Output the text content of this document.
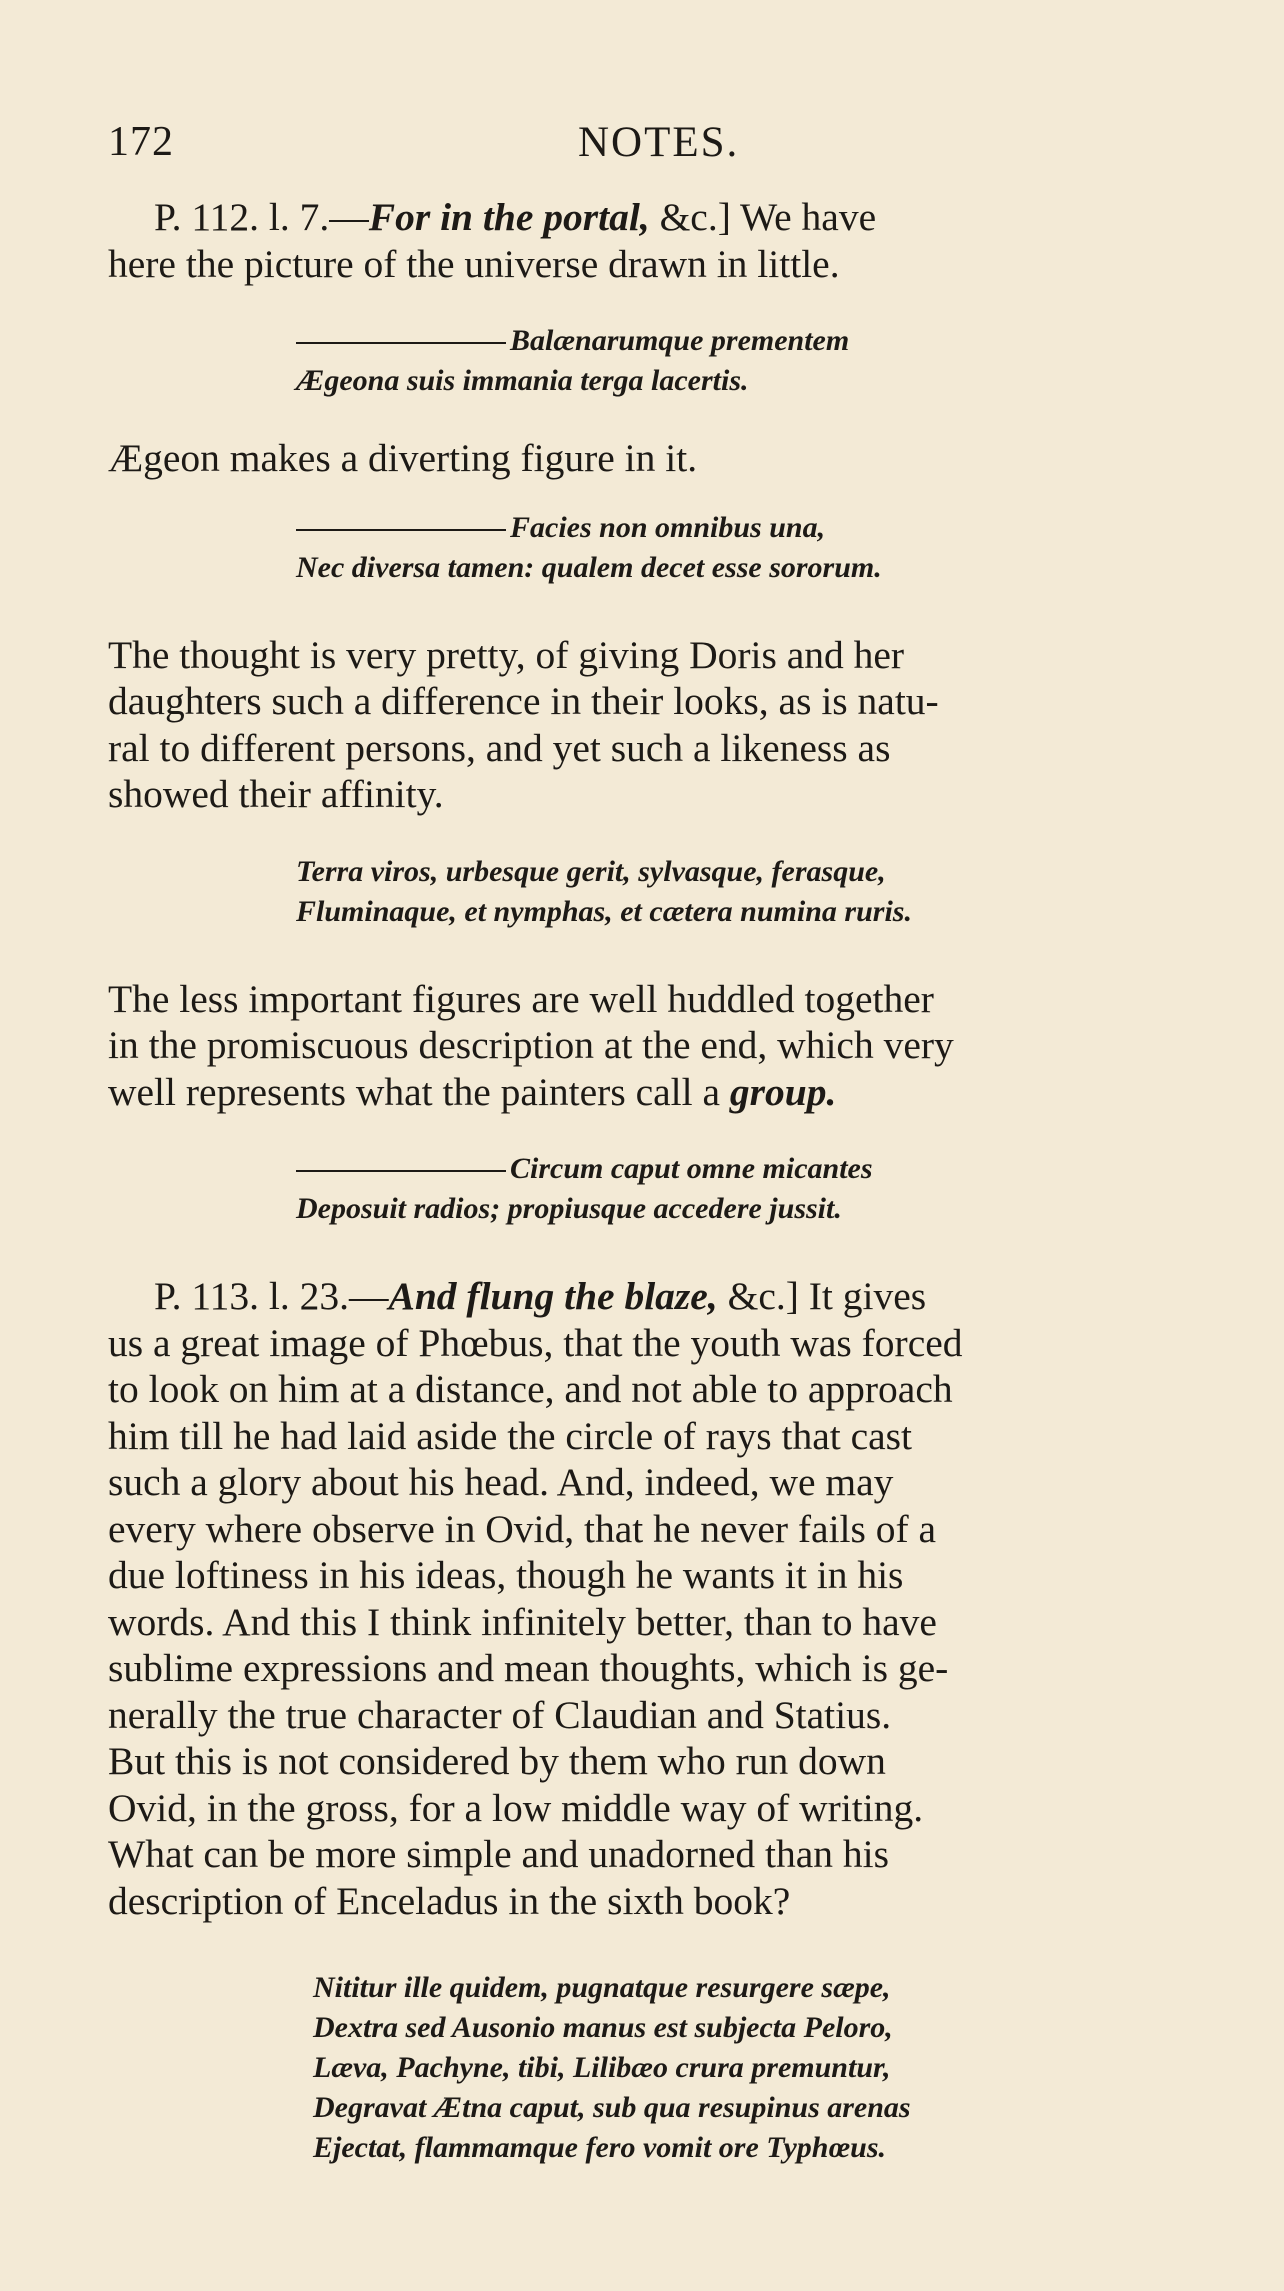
172	NOTES.

P. 112. l. 7.—For in the portal, &c.] We have
here the picture of the universe drawn in little.

Balænarumque prementem
Ægeona suis immania terga lacertis.

Ægeon makes a diverting figure in it.

Facies non omnibus una,
Nec diversa tamen: qualem decet esse sororum.

The thought is very pretty, of giving Doris and her
daughters such a difference in their looks, as is natu-
ral to different persons, and yet such a likeness as
showed their affinity.

Terra viros, urbesque gerit, sylvasque, ferasque,
Fluminaque, et nymphas, et cætera numina ruris.

The less important figures are well huddled together
in the promiscuous description at the end, which very
well represents what the painters call a group.

Circum caput omne micantes
Deposuit radios; propiusque accedere jussit.

P. 113. l. 23.—And flung the blaze, &c.] It gives
us a great image of Phœbus, that the youth was forced
to look on him at a distance, and not able to approach
him till he had laid aside the circle of rays that cast
such a glory about his head. And, indeed, we may
every where observe in Ovid, that he never fails of a
due loftiness in his ideas, though he wants it in his
words. And this I think infinitely better, than to have
sublime expressions and mean thoughts, which is ge-
nerally the true character of Claudian and Statius.
But this is not considered by them who run down
Ovid, in the gross, for a low middle way of writing.
What can be more simple and unadorned than his
description of Enceladus in the sixth book?

Nititur ille quidem, pugnatque resurgere sæpe,
Dextra sed Ausonio manus est subjecta Peloro,
Læva, Pachyne, tibi, Lilibæo crura premuntur,
Degravat Ætna caput, sub qua resupinus arenas
Ejectat, flammamque fero vomit ore Typhœus.
